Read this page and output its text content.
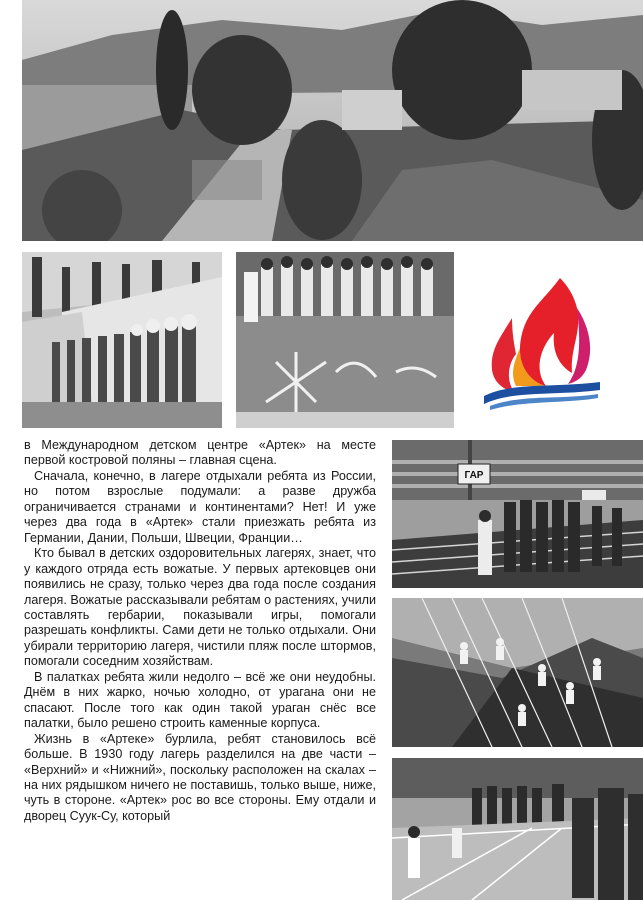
ГАР

в Международном детском центре «Артек» на месте первой костровой поляны – главная сцена.

Сначала, конечно, в лагере отдыхали ребята из России, но потом взрослые подумали: а разве дружба ограничивается странами и континентами? Нет! И уже через два года в «Артек» стали приезжать ребята из Германии, Дании, Польши, Швеции, Франции…

Кто бывал в детских оздоровительных лагерях, знает, что у каждого отряда есть вожатые. У первых артековцев они появились не сразу, только через два года после создания лагеря. Вожатые рассказывали ребятам о растениях, учили составлять гербарии, показывали игры, помогали разрешать конфликты. Сами дети не только отдыхали. Они убирали территорию лагеря, чистили пляж после штормов, помогали соседним хозяйствам.

В палатках ребята жили недолго – всё же они неудобны. Днём в них жарко, ночью холодно, от урагана они не спасают. После того как один такой ураган снёс все палатки, было решено строить каменные корпуса.

Жизнь в «Артеке» бурлила, ребят становилось всё больше. В 1930 году лагерь разделился на две части – «Верхний» и «Нижний», поскольку расположен на скалах – на них рядышком ничего не поставишь, только выше, ниже, чуть в стороне. «Артек» рос во все стороны. Ему отдали и дворец Суук-Су, который
